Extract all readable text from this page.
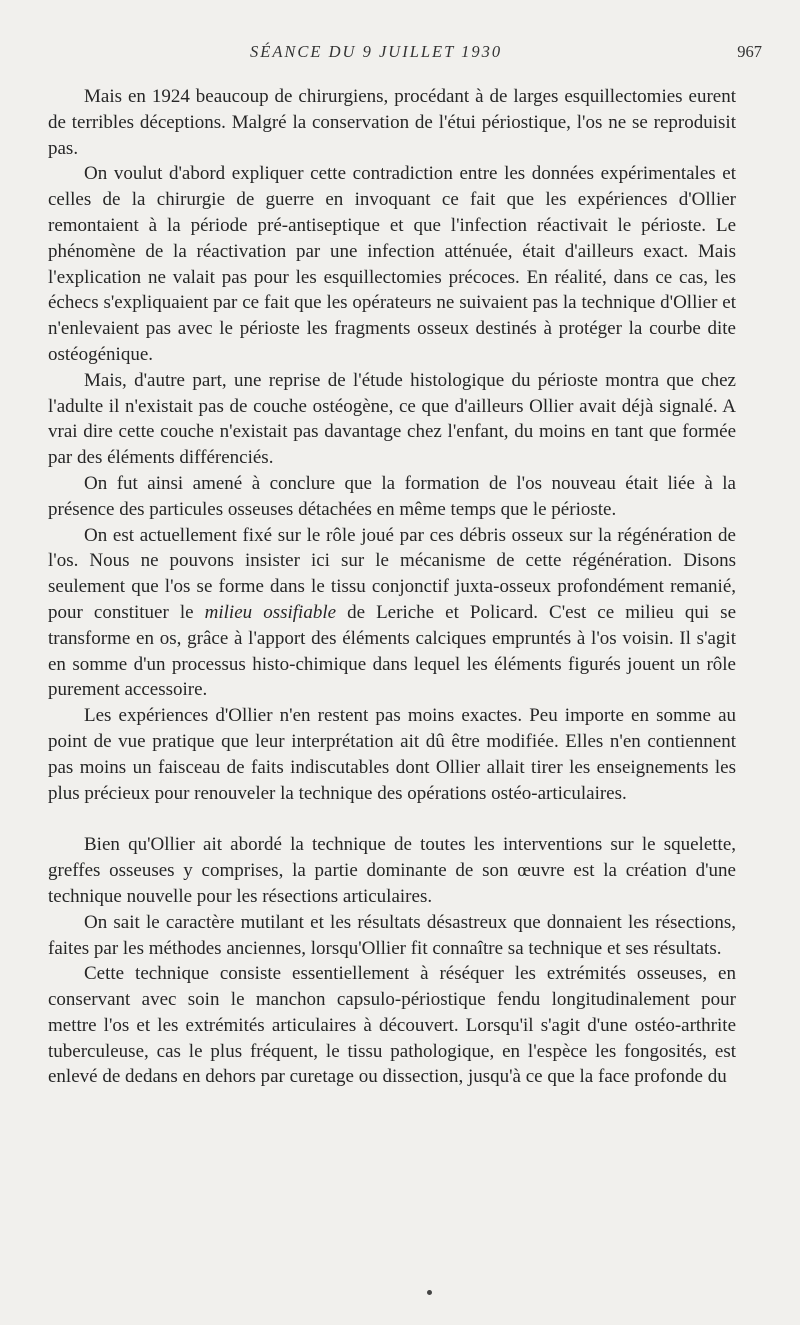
SÉANCE DU 9 JUILLET 1930	967

Mais en 1924 beaucoup de chirurgiens, procédant à de larges esquillectomies eurent de terribles déceptions. Malgré la conservation de l'étui périostique, l'os ne se reproduisit pas.

On voulut d'abord expliquer cette contradiction entre les données expérimentales et celles de la chirurgie de guerre en invoquant ce fait que les expériences d'Ollier remontaient à la période pré-antiseptique et que l'infection réactivait le périoste. Le phénomène de la réactivation par une infection atténuée, était d'ailleurs exact. Mais l'explication ne valait pas pour les esquillectomies précoces. En réalité, dans ce cas, les échecs s'expliquaient par ce fait que les opérateurs ne suivaient pas la technique d'Ollier et n'enlevaient pas avec le périoste les fragments osseux destinés à protéger la courbe dite ostéogénique.

Mais, d'autre part, une reprise de l'étude histologique du périoste montra que chez l'adulte il n'existait pas de couche ostéogène, ce que d'ailleurs Ollier avait déjà signalé. A vrai dire cette couche n'existait pas davantage chez l'enfant, du moins en tant que formée par des éléments différenciés.

On fut ainsi amené à conclure que la formation de l'os nouveau était liée à la présence des particules osseuses détachées en même temps que le périoste.

On est actuellement fixé sur le rôle joué par ces débris osseux sur la régénération de l'os. Nous ne pouvons insister ici sur le mécanisme de cette régénération. Disons seulement que l'os se forme dans le tissu conjonctif juxta-osseux profondément remanié, pour constituer le milieu ossifiable de Leriche et Policard. C'est ce milieu qui se transforme en os, grâce à l'apport des éléments calciques empruntés à l'os voisin. Il s'agit en somme d'un processus histo-chimique dans lequel les éléments figurés jouent un rôle purement accessoire.

Les expériences d'Ollier n'en restent pas moins exactes. Peu importe en somme au point de vue pratique que leur interprétation ait dû être modifiée. Elles n'en contiennent pas moins un faisceau de faits indiscutables dont Ollier allait tirer les enseignements les plus précieux pour renouveler la technique des opérations ostéo-articulaires.

Bien qu'Ollier ait abordé la technique de toutes les interventions sur le squelette, greffes osseuses y comprises, la partie dominante de son œuvre est la création d'une technique nouvelle pour les résections articulaires.

On sait le caractère mutilant et les résultats désastreux que donnaient les résections, faites par les méthodes anciennes, lorsqu'Ollier fit connaître sa technique et ses résultats.

Cette technique consiste essentiellement à réséquer les extrémités osseuses, en conservant avec soin le manchon capsulo-périostique fendu longitudinalement pour mettre l'os et les extrémités articulaires à découvert. Lorsqu'il s'agit d'une ostéo-arthrite tuberculeuse, cas le plus fréquent, le tissu pathologique, en l'espèce les fongosités, est enlevé de dedans en dehors par curetage ou dissection, jusqu'à ce que la face profonde du
